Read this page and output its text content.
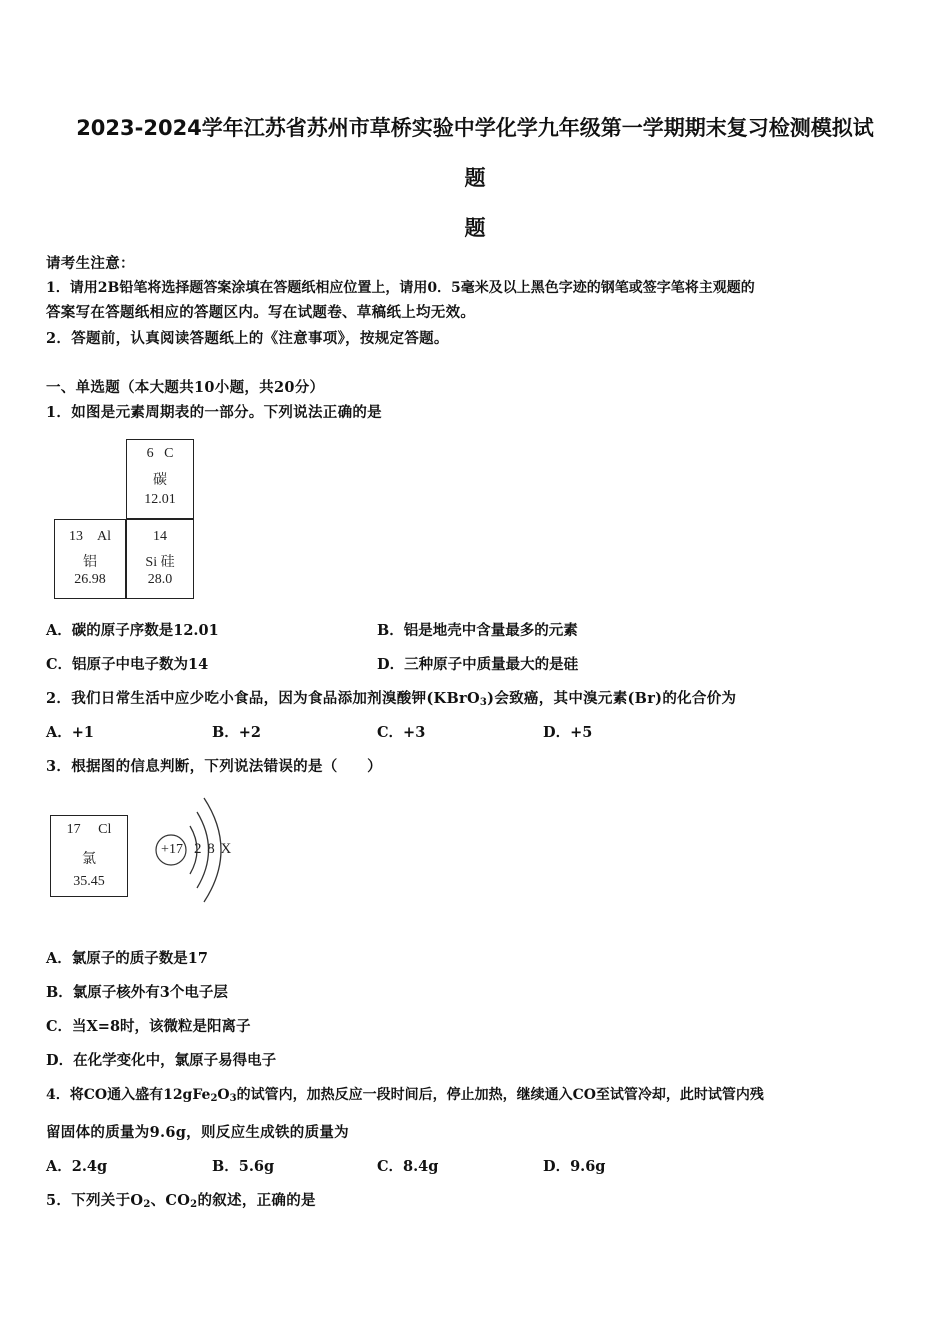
2023-2024学年江苏省苏州市草桥实验中学化学九年级第一学期期末复习检测模拟试
题
题
请考生注意：
1．请用2B铅笔将选择题答案涂填在答题纸相应位置上，请用0．5毫米及以上黑色字迹的钢笔或签字笔将主观题的
答案写在答题纸相应的答题区内。写在试题卷、草稿纸上均无效。
2．答题前，认真阅读答题纸上的《注意事项》，按规定答题。
一、单选题（本大题共10小题，共20分）
1．如图是元素周期表的一部分。下列说法正确的是
6 C
碳
12.01
13 Al
铝
26.98
14
Si 硅
28.0
A．碳的原子序数是12.01	B．铝是地壳中含量最多的元素
C．铝原子中电子数为14	D．三种原子中质量最大的是硅
2．我们日常生活中应少吃小食品，因为食品添加剂溴酸钾(KBrO$_3$)会致癌，其中溴元素(Br)的化合价为
A．+1	B．+2	C．+3	D．+5
3．根据图的信息判断，下列说法错误的是（　　）
17 Cl
氯
35.45
+17 2 8 X
A．氯原子的质子数是17
B．氯原子核外有3个电子层
C．当X=8时，该微粒是阳离子
D．在化学变化中，氯原子易得电子
4．将CO通入盛有$12gFe_2O_3$的试管内，加热反应一段时间后，停止加热，继续通入CO至试管冷却，此时试管内残
留固体的质量为9.6g，则反应生成铁的质量为
A．2.4g	B．5.6g	C．8.4g	D．9.6g
5．下列关于$O_2$、$CO_2$的叙述，正确的是
